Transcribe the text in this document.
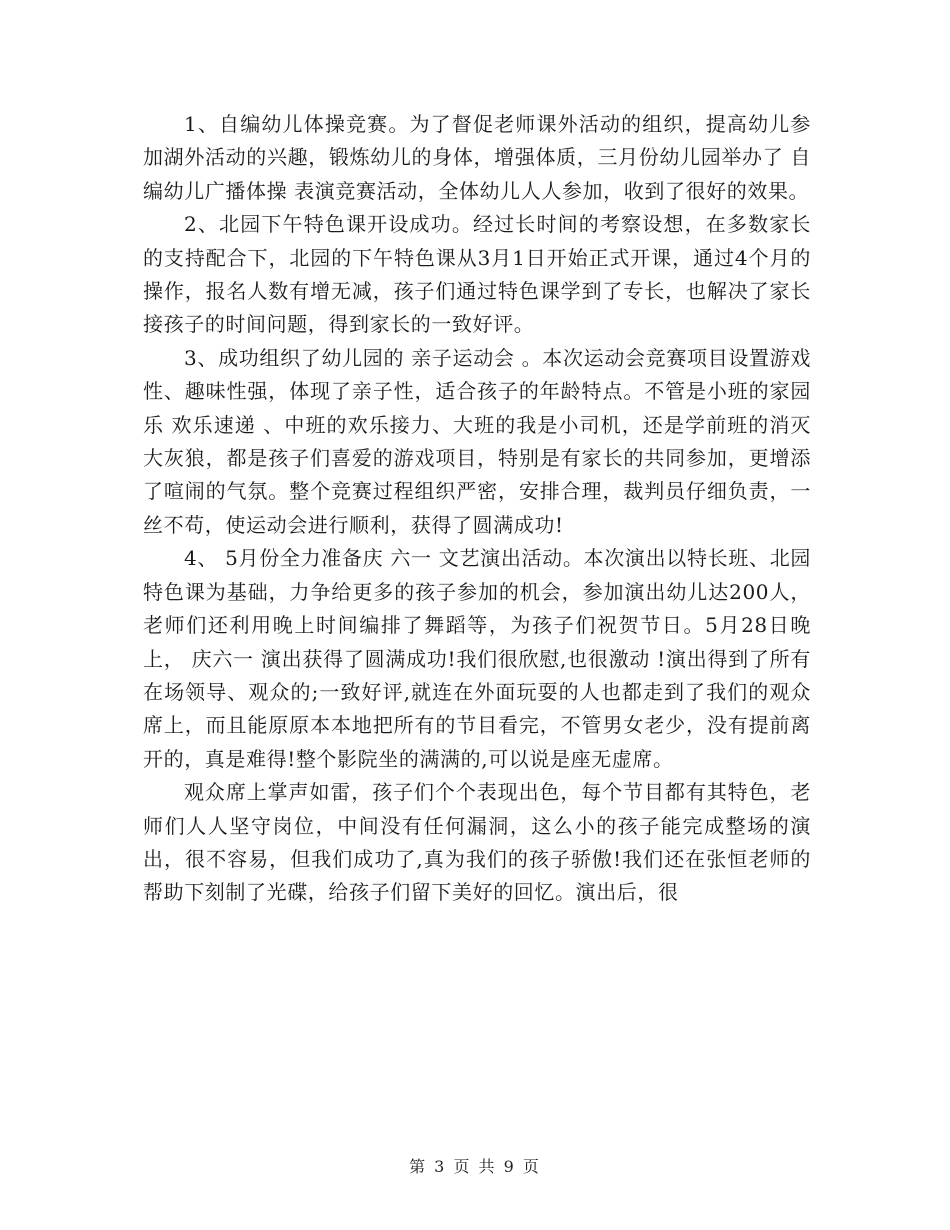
1、自编幼儿体操竞赛。为了督促老师课外活动的组织，提高幼儿参加湖外活动的兴趣，锻炼幼儿的身体，增强体质，三月份幼儿园举办了 自编幼儿广播体操 表演竞赛活动，全体幼儿人人参加，收到了很好的效果。

2、北园下午特色课开设成功。经过长时间的考察设想，在多数家长的支持配合下，北园的下午特色课从3月1日开始正式开课，通过4个月的操作，报名人数有增无减，孩子们通过特色课学到了专长，也解决了家长接孩子的时间问题，得到家长的一致好评。

3、成功组织了幼儿园的 亲子运动会 。本次运动会竞赛项目设置游戏性、趣味性强，体现了亲子性，适合孩子的年龄特点。不管是小班的家园乐 欢乐速递 、中班的欢乐接力、大班的我是小司机，还是学前班的消灭大灰狼，都是孩子们喜爱的游戏项目，特别是有家长的共同参加，更增添了喧闹的气氛。整个竞赛过程组织严密，安排合理，裁判员仔细负责，一丝不苟，使运动会进行顺利，获得了圆满成功!

4、 5月份全力准备庆 六一 文艺演出活动。本次演出以特长班、北园特色课为基础，力争给更多的孩子参加的机会，参加演出幼儿达200人，老师们还利用晚上时间编排了舞蹈等，为孩子们祝贺节日。5月28日晚上， 庆六一 演出获得了圆满成功!我们很欣慰,也很激动 !演出得到了所有在场领导、观众的;一致好评,就连在外面玩耍的人也都走到了我们的观众席上，而且能原原本本地把所有的节目看完，不管男女老少，没有提前离开的，真是难得!整个影院坐的满满的,可以说是座无虚席。

观众席上掌声如雷，孩子们个个表现出色，每个节目都有其特色，老师们人人坚守岗位，中间没有任何漏洞，这么小的孩子能完成整场的演出，很不容易，但我们成功了,真为我们的孩子骄傲!我们还在张恒老师的帮助下刻制了光碟，给孩子们留下美好的回忆。演出后，很

第 3 页 共 9 页
